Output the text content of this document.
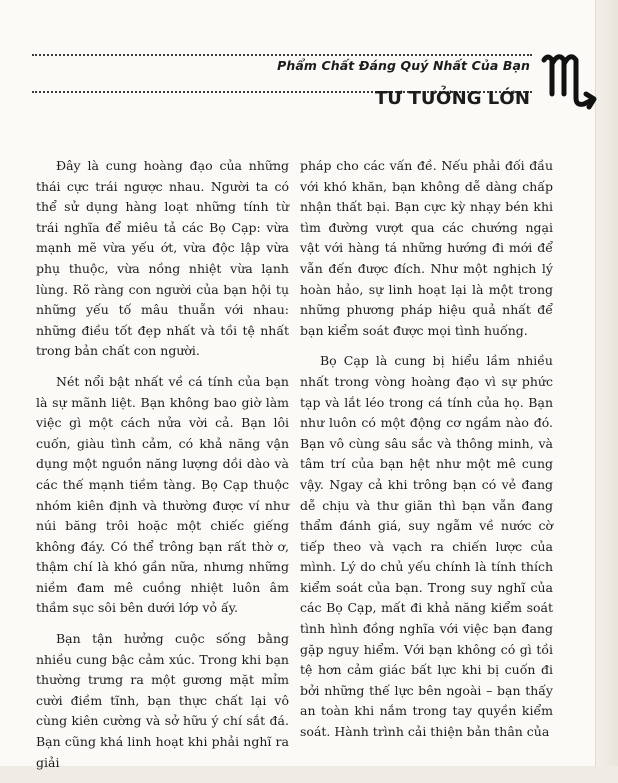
Phẩm Chất Đáng Quý Nhất Của Bạn
TƯ TƯỞNG LỚN

Đây là cung hoàng đạo của những thái cực trái ngược nhau. Người ta có thể sử dụng hàng loạt những tính từ trái nghĩa để miêu tả các Bọ Cạp: vừa mạnh mẽ vừa yếu ớt, vừa độc lập vừa phụ thuộc, vừa nồng nhiệt vừa lạnh lùng. Rõ ràng con người của bạn hội tụ những yếu tố mâu thuẫn với nhau: những điều tốt đẹp nhất và tồi tệ nhất trong bản chất con người.

Nét nổi bật nhất về cá tính của bạn là sự mãnh liệt. Bạn không bao giờ làm việc gì một cách nửa vời cả. Bạn lôi cuốn, giàu tình cảm, có khả năng vận dụng một nguồn năng lượng dồi dào và các thế mạnh tiềm tàng. Bọ Cạp thuộc nhóm kiên định và thường được ví như núi băng trôi hoặc một chiếc giếng không đáy. Có thể trông bạn rất thờ ơ, thậm chí là khó gần nữa, nhưng những niềm đam mê cuồng nhiệt luôn âm thầm sục sôi bên dưới lớp vỏ ấy.

Bạn tận hưởng cuộc sống bằng nhiều cung bậc cảm xúc. Trong khi bạn thường trưng ra một gương mặt mỉm cười điềm tĩnh, bạn thực chất lại vô cùng kiên cường và sở hữu ý chí sắt đá. Bạn cũng khá linh hoạt khi phải nghĩ ra giải

pháp cho các vấn đề. Nếu phải đối đầu với khó khăn, bạn không dễ dàng chấp nhận thất bại. Bạn cực kỳ nhạy bén khi tìm đường vượt qua các chướng ngại vật với hàng tá những hướng đi mới để vẫn đến được đích. Như một nghịch lý hoàn hảo, sự linh hoạt lại là một trong những phương pháp hiệu quả nhất để bạn kiểm soát được mọi tình huống.

Bọ Cạp là cung bị hiểu lầm nhiều nhất trong vòng hoàng đạo vì sự phức tạp và lắt léo trong cá tính của họ. Bạn như luôn có một động cơ ngầm nào đó. Bạn vô cùng sâu sắc và thông minh, và tâm trí của bạn hệt như một mê cung vậy. Ngay cả khi trông bạn có vẻ đang dễ chịu và thư giãn thì bạn vẫn đang thẩm đánh giá, suy ngẫm về nước cờ tiếp theo và vạch ra chiến lược của mình. Lý do chủ yếu chính là tính thích kiểm soát của bạn. Trong suy nghĩ của các Bọ Cạp, mất đi khả năng kiểm soát tình hình đồng nghĩa với việc bạn đang gặp nguy hiểm. Với bạn không có gì tồi tệ hơn cảm giác bất lực khi bị cuốn đi bởi những thế lực bên ngoài – bạn thấy an toàn khi nắm trong tay quyền kiểm soát. Hành trình cải thiện bản thân của
